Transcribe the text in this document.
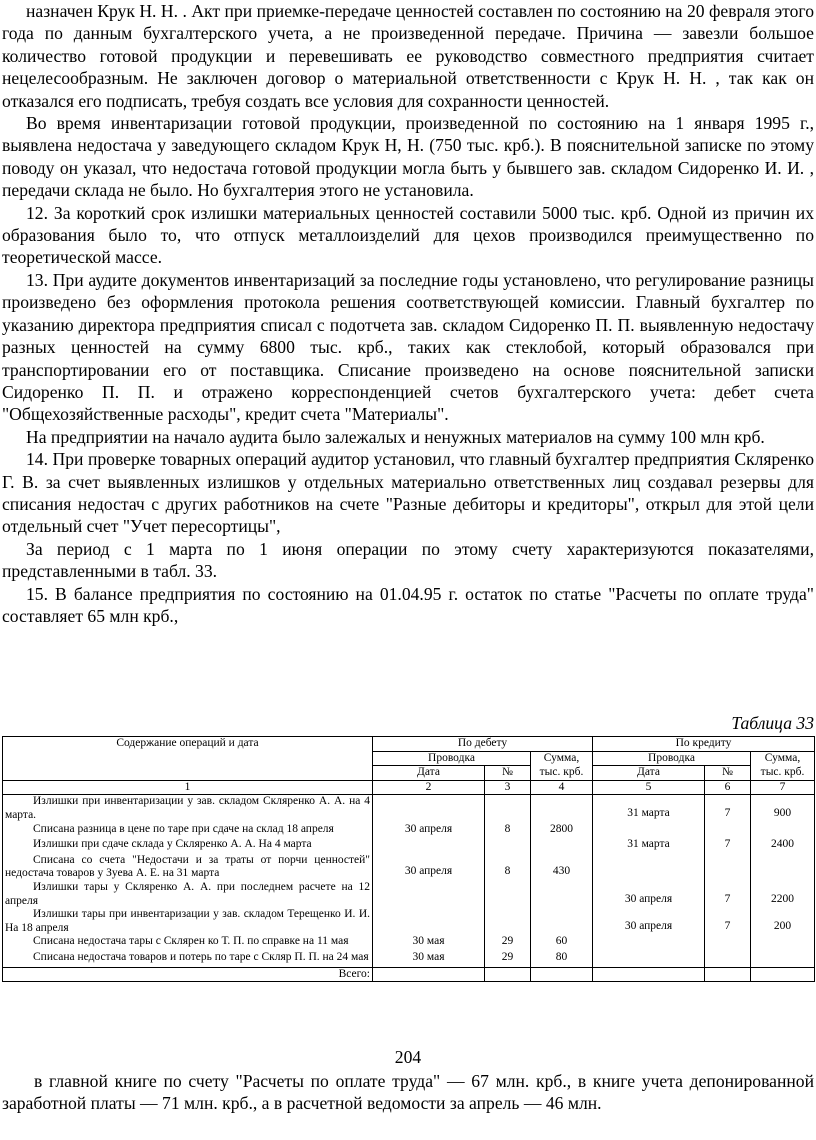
назначен Крук Н. Н. . Акт при приемке-передаче ценностей составлен по состоянию на 20 февраля этого года по данным бухгалтерского учета, а не произведенной передаче. Причина — завезли большое количество готовой продукции и перевешивать ее руководство совместного предприятия считает нецелесообразным. Не заключен договор о материальной ответственности с Крук Н. Н. , так как он отказался его подписать, требуя создать все условия для сохранности ценностей.

Во время инвентаризации готовой продукции, произведенной по состоянию на 1 января 1995 г., выявлена недостача у заведующего складом Крук Н, Н. (750 тыс. крб.). В пояснительной записке по этому поводу он указал, что недостача готовой продукции могла быть у бывшего зав. складом Сидоренко И. И. , передачи склада не было. Но бухгалтерия этого не установила.

12. За короткий срок излишки материальных ценностей составили 5000 тыс. крб. Одной из причин их образования было то, что отпуск металлоизделий для цехов производился преимущественно по теоретической массе.

13. При аудите документов инвентаризаций за последние годы установлено, что регулирование разницы произведено без оформления протокола решения соответствующей комиссии. Главный бухгалтер по указанию директора предприятия списал с подотчета зав. складом Сидоренко П. П. выявленную недостачу разных ценностей на сумму 6800 тыс. крб., таких как стеклобой, который образовался при транспортировании его от поставщика. Списание произведено на основе пояснительной записки Сидоренко П. П. и отражено корреспонденцией счетов бухгалтерского учета: дебет счета "Общехозяйственные расходы", кредит счета "Материалы".

На предприятии на начало аудита было залежалых и ненужных материалов на сумму 100 млн крб.

14. При проверке товарных операций аудитор установил, что главный бухгалтер предприятия Скляренко Г. В. за счет выявленных излишков у отдельных материально ответственных лиц создавал резервы для списания недостач с других работников на счете "Разные дебиторы и кредиторы", открыл для этой цели отдельный счет "Учет пересортицы",

За период с 1 марта по 1 июня операции по этому счету характеризуются показателями, представленными в табл. 33.

15. В балансе предприятия по состоянию на 01.04.95 г. остаток по статье "Расчеты по оплате труда" составляет 65 млн крб.,

Таблица 33
Содержание операций и дата	По дебету			По кредиту		
	Проводка		Сумма, тыс. крб.	Проводка		Сумма, тыс. крб.
	Дата	№		Дата	№	
1	2	3	4	5	6	7
Излишки при инвентаризации у зав. складом Скляренко А. А. на 4 марта.				31 марта	7	900
Списана разница в цене по таре при сдаче на склад 18 апреля	30 апреля	8	2800			
Излишки при сдаче склада у Скляренко А. А. На 4 марта				31 марта	7	2400
Списана со счета "Недостачи и за траты от порчи ценностей" недостача товаров у Зуева А. Е. на 31 марта	30 апреля	8	430			
Излишки тары у Скляренко А. А. при последнем расчете на 12 апреля				30 апреля	7	2200
Излишки тары при инвентаризации у зав. складом Терещенко И. И. На 18 апреля				30 апреля	7	200
Списана недостача тары с Склярен ко Т. П. по справке на 11 мая	30 мая	29	60			
Списана недостача товаров и потерь по таре с Скляр П. П. на 24 мая	30 мая	29	80			
Всего:						
204

в главной книге по счету "Расчеты по оплате труда" — 67 млн. крб., в книге учета депонированной заработной платы — 71 млн. крб., а в расчетной ведомости за апрель — 46 млн.
